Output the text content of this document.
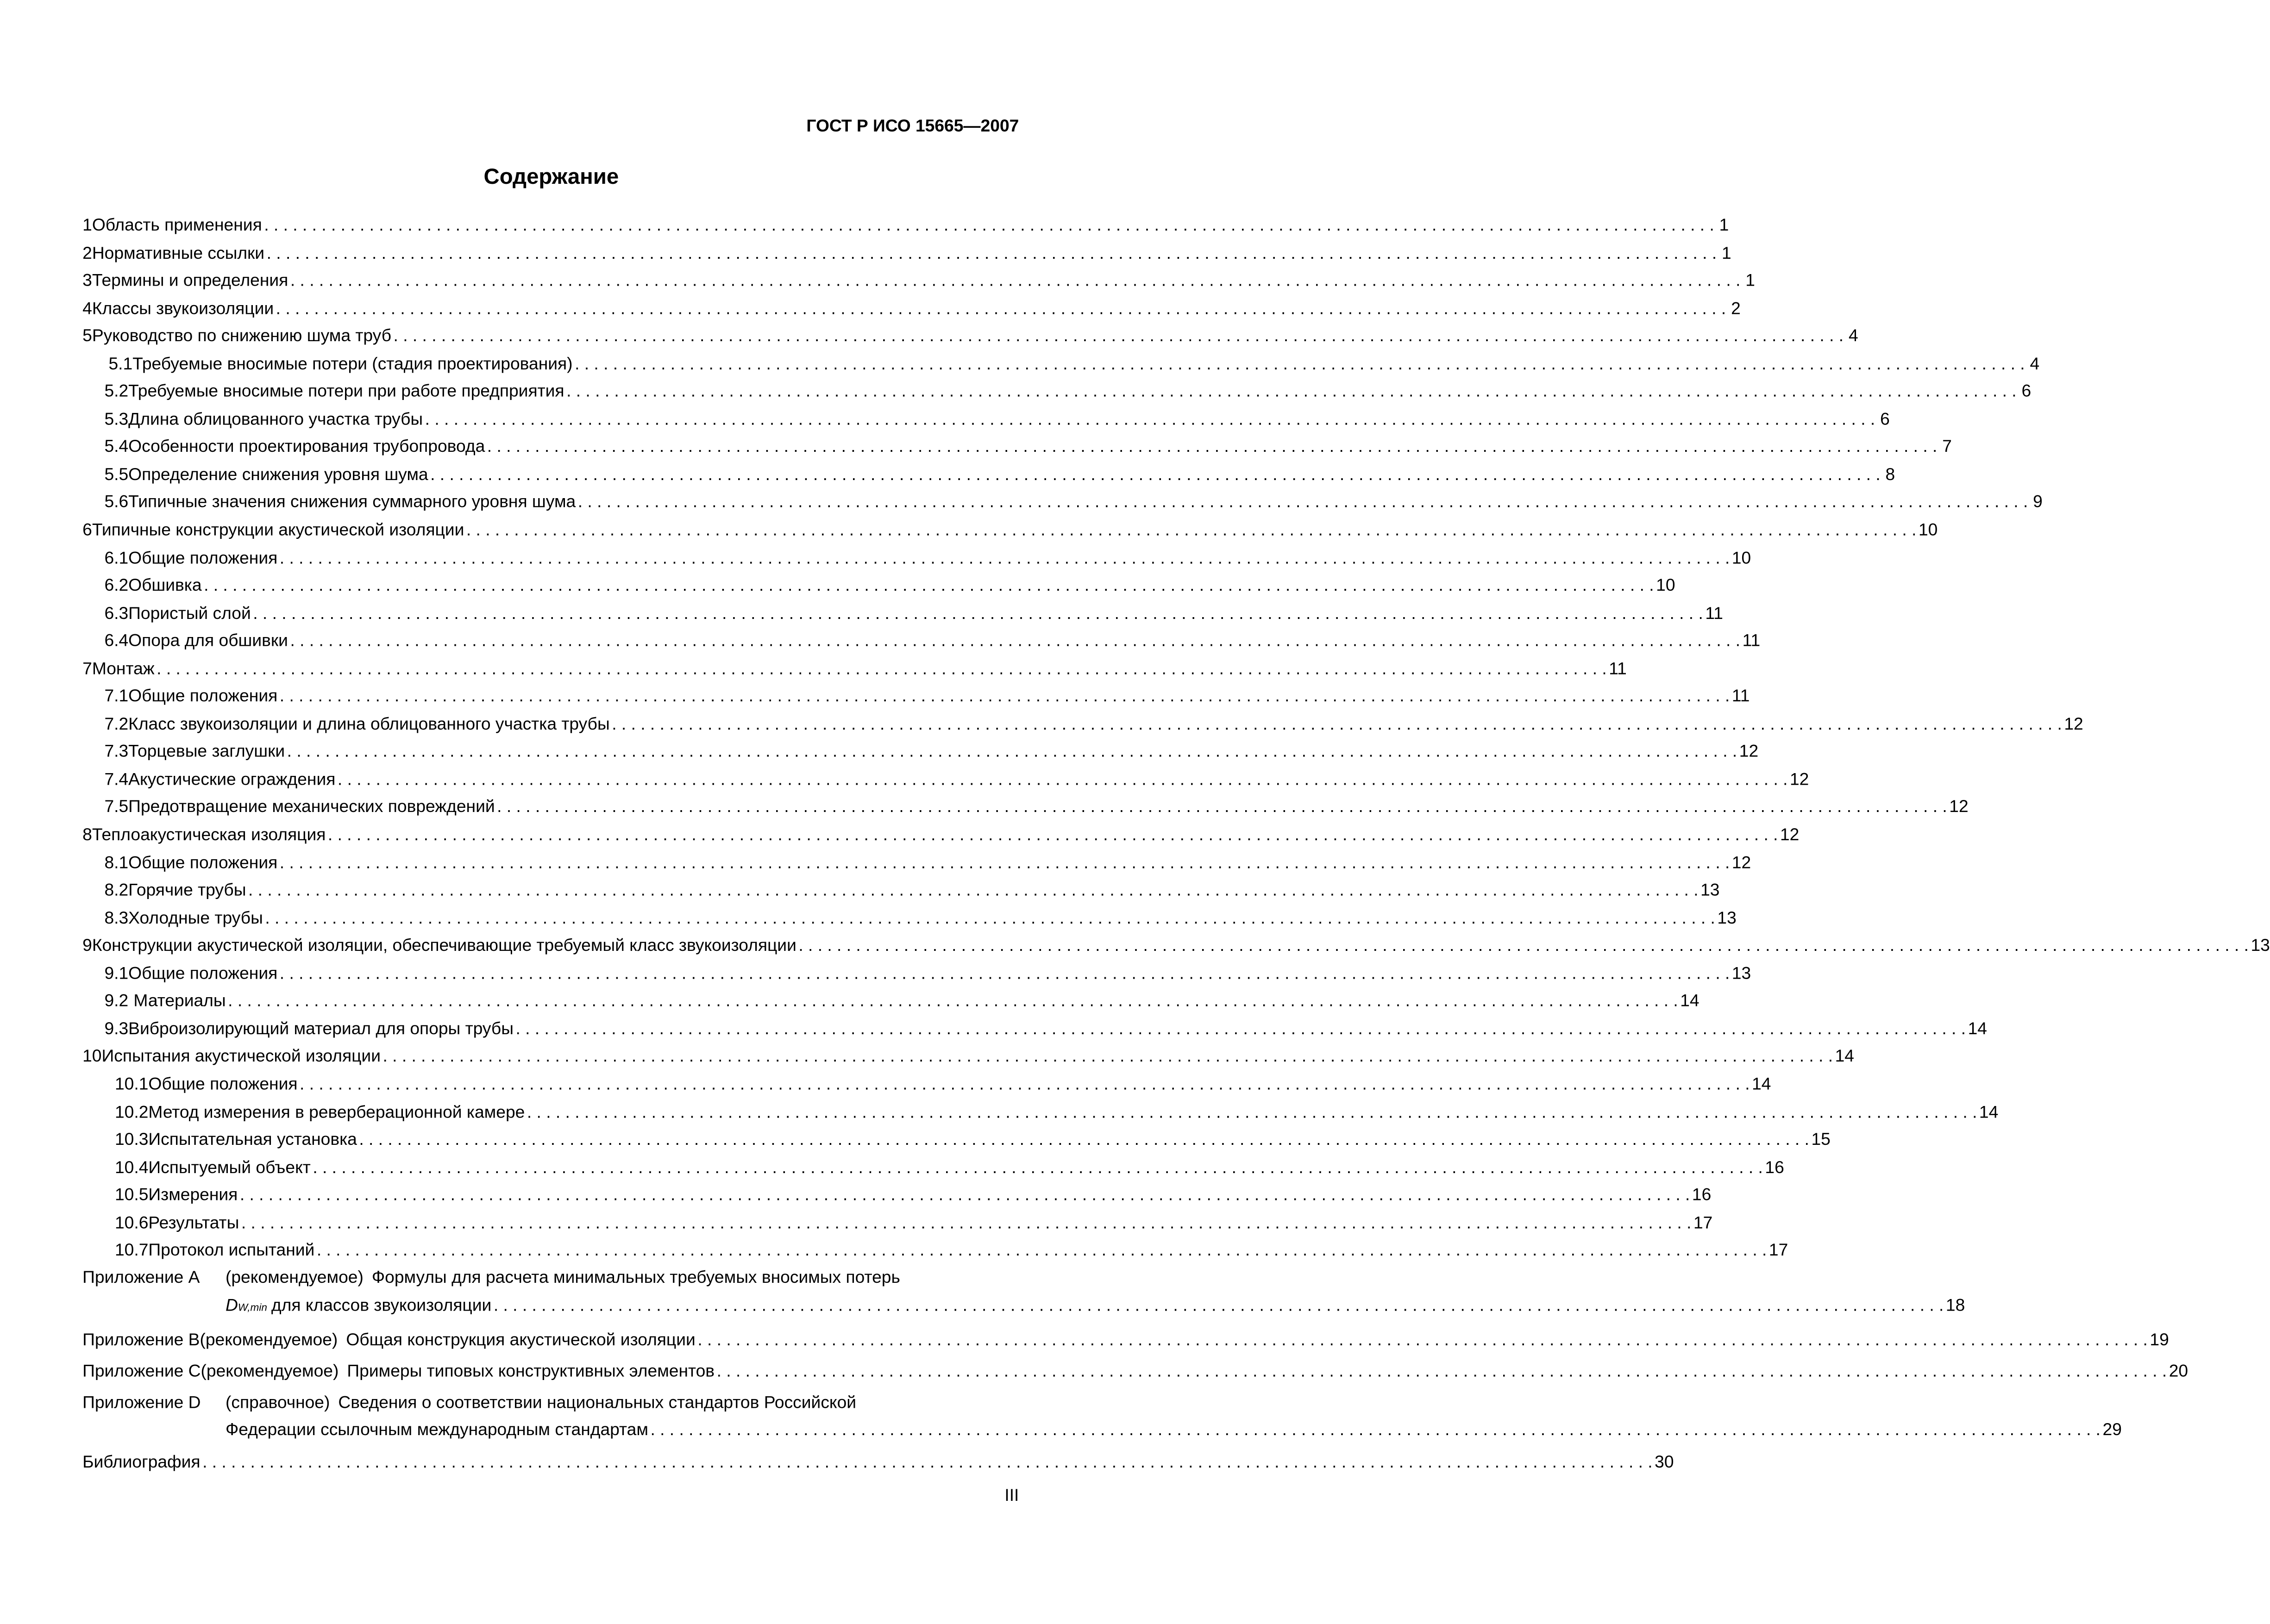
ГОСТ Р ИСО 15665—2007
Содержание
1 Область применения . . .	1
2 Нормативные ссылки . . .	1
3 Термины и определения . . .	1
4 Классы звукоизоляции . . .	2
5 Руководство по снижению шума труб . . .	4
5.1 Требуемые вносимые потери (стадия проектирования) . . .	4
5.2 Требуемые вносимые потери при работе предприятия . . .	6
5.3 Длина облицованного участка трубы . . .	6
5.4 Особенности проектирования трубопровода . . .	7
5.5 Определение снижения уровня шума . . .	8
5.6 Типичные значения снижения суммарного уровня шума . . .	9
6 Типичные конструкции акустической изоляции . . .	10
6.1 Общие положения . . .	10
6.2 Обшивка . . .	10
6.3 Пористый слой . . .	11
6.4 Опора для обшивки . . .	11
7 Монтаж . . .	11
7.1 Общие положения . . .	11
7.2 Класс звукоизоляции и длина облицованного участка трубы . . .	12
7.3 Торцевые заглушки . . .	12
7.4 Акустические ограждения . . .	12
7.5 Предотвращение механических повреждений . . .	12
8 Теплоакустическая изоляция . . .	12
8.1 Общие положения . . .	12
8.2 Горячие трубы . . .	13
8.3 Холодные трубы . . .	13
9 Конструкции акустической изоляции, обеспечивающие требуемый класс звукоизоляции . . .	13
9.1 Общие положения . . .	13
9.2 Материалы . . .	14
9.3 Виброизолирующий материал для опоры трубы . . .	14
10 Испытания акустической изоляции . . .	14
10.1 Общие положения . . .	14
10.2 Метод измерения в реверберационной камере . . .	14
10.3 Испытательная установка . . .	15
10.4 Испытуемый объект . . .	16
10.5 Измерения . . .	16
10.6 Результаты . . .	17
10.7 Протокол испытаний . . .	17
Приложение А	(рекомендуемое) Формулы для расчета минимальных требуемых вносимых потерь
D W,min для классов звукоизоляции . . .	18
Приложение В (рекомендуемое) Общая конструкция акустической изоляции . . .	19
Приложение С (рекомендуемое) Примеры типовых конструктивных элементов . . .	20
Приложение D	(справочное) Сведения о соответствии национальных стандартов Российской
Федерации ссылочным международным стандартам . . .	29
Библиография . . .	30
III
